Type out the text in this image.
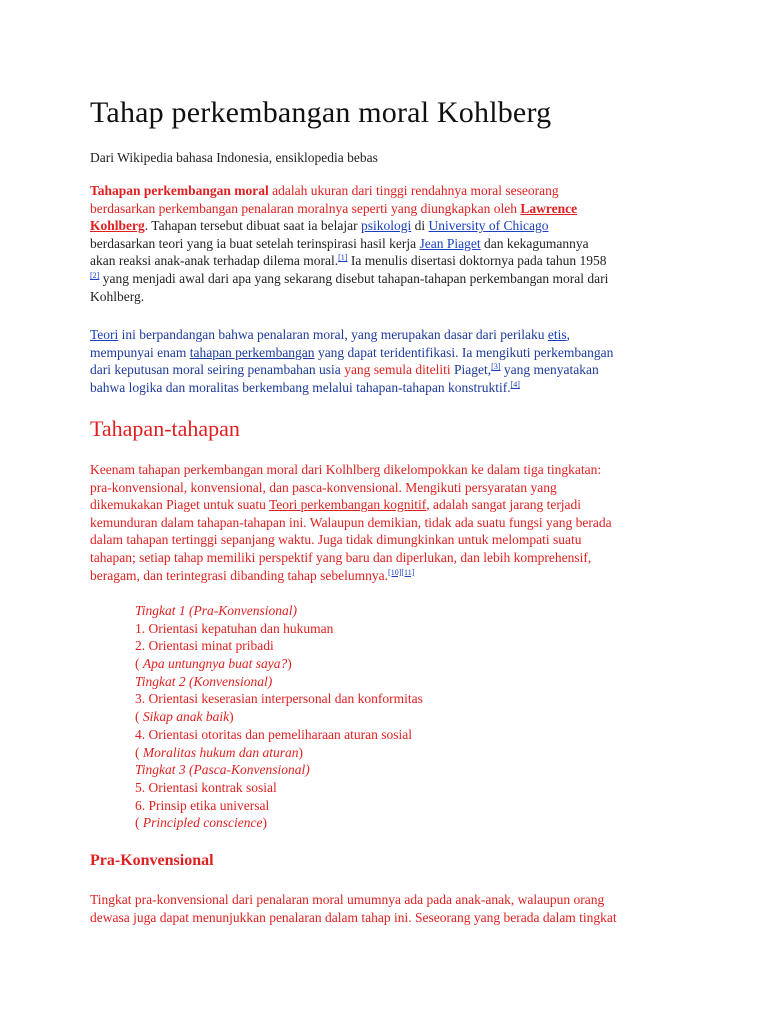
Tahap perkembangan moral Kohlberg
Dari Wikipedia bahasa Indonesia, ensiklopedia bebas
Tahapan perkembangan moral adalah ukuran dari tinggi rendahnya moral seseorang
berdasarkan perkembangan penalaran moralnya seperti yang diungkapkan oleh Lawrence
Kohlberg. Tahapan tersebut dibuat saat ia belajar psikologi di University of Chicago
berdasarkan teori yang ia buat setelah terinspirasi hasil kerja Jean Piaget dan kekagumannya
akan reaksi anak-anak terhadap dilema moral.[1] Ia menulis disertasi doktornya pada tahun 1958
[2] yang menjadi awal dari apa yang sekarang disebut tahapan-tahapan perkembangan moral dari
Kohlberg.
Teori ini berpandangan bahwa penalaran moral, yang merupakan dasar dari perilaku etis,
mempunyai enam tahapan perkembangan yang dapat teridentifikasi. Ia mengikuti perkembangan
dari keputusan moral seiring penambahan usia yang semula diteliti Piaget,[3] yang menyatakan
bahwa logika dan moralitas berkembang melalui tahapan-tahapan konstruktif.[4]
Tahapan-tahapan
Keenam tahapan perkembangan moral dari Kolhlberg dikelompokkan ke dalam tiga tingkatan:
pra-konvensional, konvensional, dan pasca-konvensional. Mengikuti persyaratan yang
dikemukakan Piaget untuk suatu Teori perkembangan kognitif, adalah sangat jarang terjadi
kemunduran dalam tahapan-tahapan ini. Walaupun demikian, tidak ada suatu fungsi yang berada
dalam tahapan tertinggi sepanjang waktu. Juga tidak dimungkinkan untuk melompati suatu
tahapan; setiap tahap memiliki perspektif yang baru dan diperlukan, dan lebih komprehensif,
beragam, dan terintegrasi dibanding tahap sebelumnya.[10][11]
Tingkat 1 (Pra-Konvensional)
1. Orientasi kepatuhan dan hukuman
2. Orientasi minat pribadi
( Apa untungnya buat saya?)
Tingkat 2 (Konvensional)
3. Orientasi keserasian interpersonal dan konformitas
( Sikap anak baik)
4. Orientasi otoritas dan pemeliharaan aturan sosial
( Moralitas hukum dan aturan)
Tingkat 3 (Pasca-Konvensional)
5. Orientasi kontrak sosial
6. Prinsip etika universal
( Principled conscience)
Pra-Konvensional
Tingkat pra-konvensional dari penalaran moral umumnya ada pada anak-anak, walaupun orang
dewasa juga dapat menunjukkan penalaran dalam tahap ini. Seseorang yang berada dalam tingkat
